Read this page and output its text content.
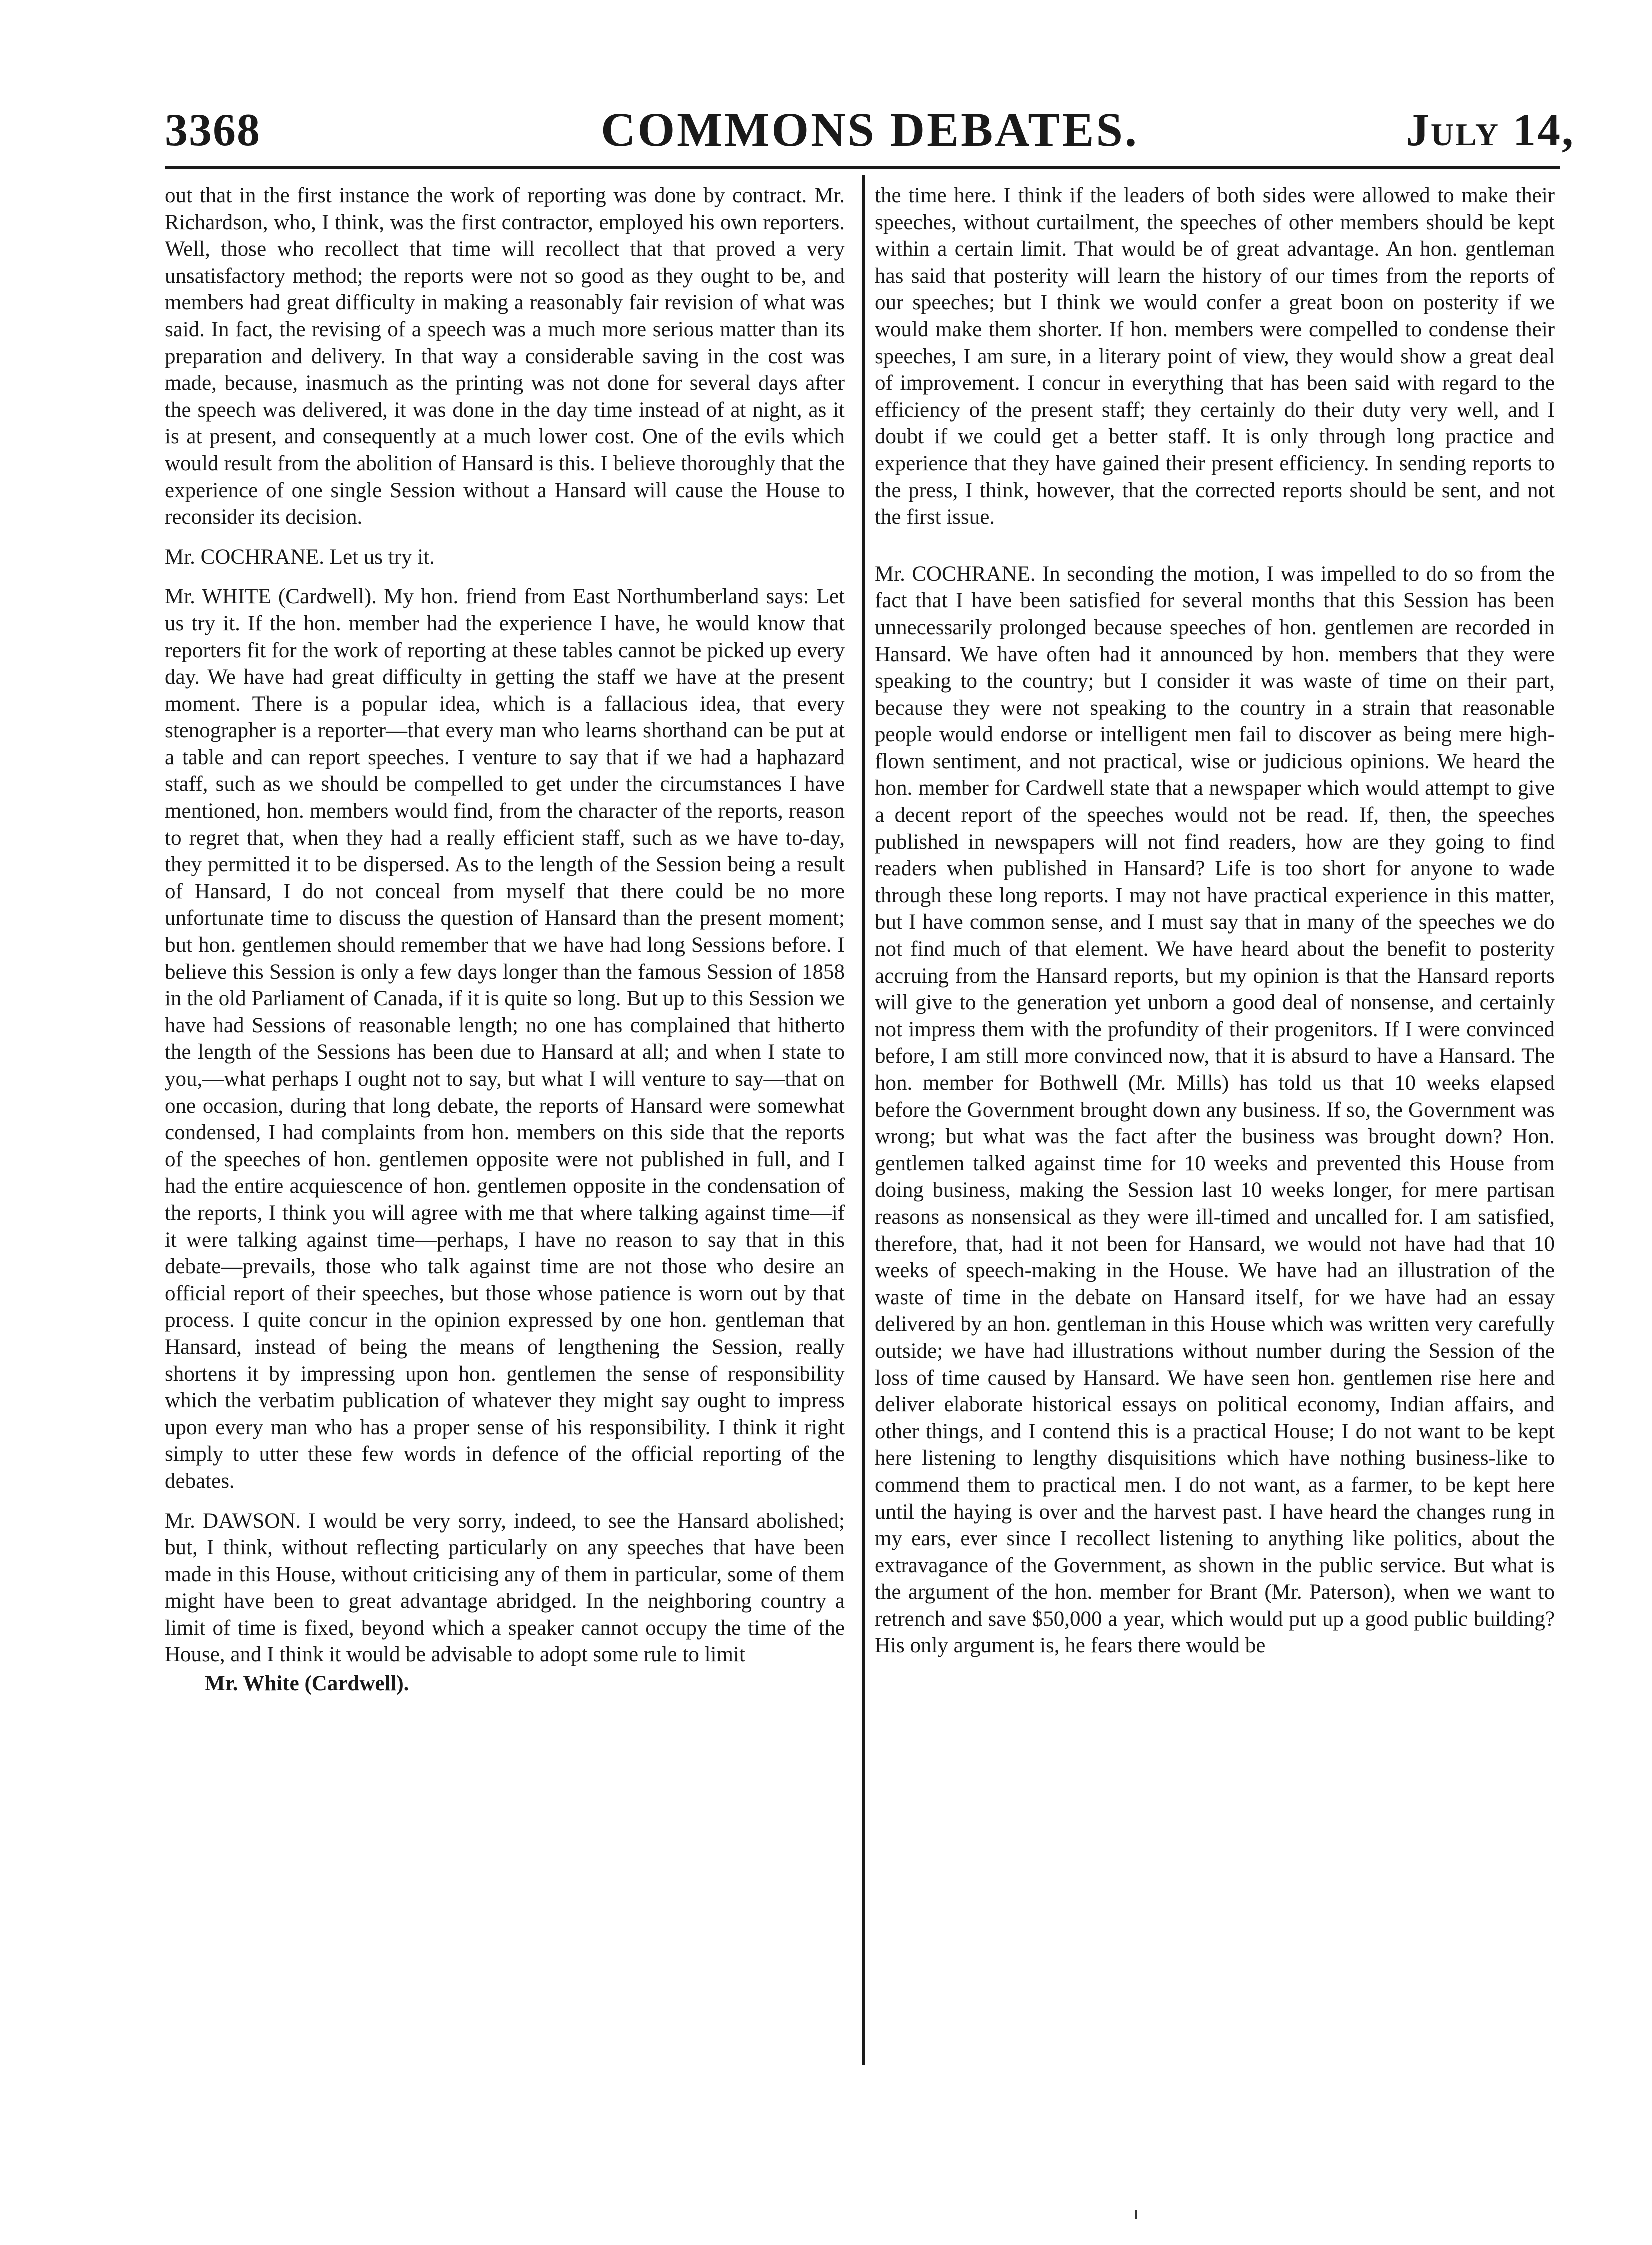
3368	COMMONS DEBATES.	July 14,

out that in the first instance the work of reporting was done by contract. Mr. Richardson, who, I think, was the first contractor, employed his own reporters. Well, those who recollect that time will recollect that that proved a very unsatisfactory method; the reports were not so good as they ought to be, and members had great difficulty in making a reasonably fair revision of what was said. In fact, the revising of a speech was a much more serious matter than its preparation and delivery. In that way a considerable saving in the cost was made, because, inasmuch as the printing was not done for several days after the speech was delivered, it was done in the day time instead of at night, as it is at present, and consequently at a much lower cost. One of the evils which would result from the abolition of Hansard is this. I believe thoroughly that the experience of one single Session without a Hansard will cause the House to reconsider its decision.

Mr. COCHRANE. Let us try it.

Mr. WHITE (Cardwell). My hon. friend from East Northumberland says: Let us try it. If the hon. member had the experience I have, he would know that reporters fit for the work of reporting at these tables cannot be picked up every day. We have had great difficulty in getting the staff we have at the present moment. There is a popular idea, which is a fallacious idea, that every stenographer is a reporter—that every man who learns shorthand can be put at a table and can report speeches. I venture to say that if we had a haphazard staff, such as we should be compelled to get under the circumstances I have mentioned, hon. members would find, from the character of the reports, reason to regret that, when they had a really efficient staff, such as we have to-day, they permitted it to be dispersed. As to the length of the Session being a result of Hansard, I do not conceal from myself that there could be no more unfortunate time to discuss the question of Hansard than the present moment; but hon. gentlemen should remember that we have had long Sessions before. I believe this Session is only a few days longer than the famous Session of 1858 in the old Parliament of Canada, if it is quite so long. But up to this Session we have had Sessions of reasonable length; no one has complained that hitherto the length of the Sessions has been due to Hansard at all; and when I state to you,—what perhaps I ought not to say, but what I will venture to say—that on one occasion, during that long debate, the reports of Hansard were somewhat condensed, I had complaints from hon. members on this side that the reports of the speeches of hon. gentlemen opposite were not published in full, and I had the entire acquiescence of hon. gentlemen opposite in the condensation of the reports, I think you will agree with me that where talking against time—if it were talking against time—perhaps, I have no reason to say that in this debate—prevails, those who talk against time are not those who desire an official report of their speeches, but those whose patience is worn out by that process. I quite concur in the opinion expressed by one hon. gentleman that Hansard, instead of being the means of lengthening the Session, really shortens it by impressing upon hon. gentlemen the sense of responsibility which the verbatim publication of whatever they might say ought to impress upon every man who has a proper sense of his responsibility. I think it right simply to utter these few words in defence of the official reporting of the debates.

Mr. DAWSON. I would be very sorry, indeed, to see the Hansard abolished; but, I think, without reflecting particularly on any speeches that have been made in this House, without criticising any of them in particular, some of them might have been to great advantage abridged. In the neighboring country a limit of time is fixed, beyond which a speaker cannot occupy the time of the House, and I think it would be advisable to adopt some rule to limit

Mr. White (Cardwell).

the time here. I think if the leaders of both sides were allowed to make their speeches, without curtailment, the speeches of other members should be kept within a certain limit. That would be of great advantage. An hon. gentleman has said that posterity will learn the history of our times from the reports of our speeches; but I think we would confer a great boon on posterity if we would make them shorter. If hon. members were compelled to condense their speeches, I am sure, in a literary point of view, they would show a great deal of improvement. I concur in everything that has been said with regard to the efficiency of the present staff; they certainly do their duty very well, and I doubt if we could get a better staff. It is only through long practice and experience that they have gained their present efficiency. In sending reports to the press, I think, however, that the corrected reports should be sent, and not the first issue.

Mr. COCHRANE. In seconding the motion, I was impelled to do so from the fact that I have been satisfied for several months that this Session has been unnecessarily prolonged because speeches of hon. gentlemen are recorded in Hansard. We have often had it announced by hon. members that they were speaking to the country; but I consider it was waste of time on their part, because they were not speaking to the country in a strain that reasonable people would endorse or intelligent men fail to discover as being mere high-flown sentiment, and not practical, wise or judicious opinions. We heard the hon. member for Cardwell state that a newspaper which would attempt to give a decent report of the speeches would not be read. If, then, the speeches published in newspapers will not find readers, how are they going to find readers when published in Hansard? Life is too short for anyone to wade through these long reports. I may not have practical experience in this matter, but I have common sense, and I must say that in many of the speeches we do not find much of that element. We have heard about the benefit to posterity accruing from the Hansard reports, but my opinion is that the Hansard reports will give to the generation yet unborn a good deal of nonsense, and certainly not impress them with the profundity of their progenitors. If I were convinced before, I am still more convinced now, that it is absurd to have a Hansard. The hon. member for Bothwell (Mr. Mills) has told us that 10 weeks elapsed before the Government brought down any business. If so, the Government was wrong; but what was the fact after the business was brought down? Hon. gentlemen talked against time for 10 weeks and prevented this House from doing business, making the Session last 10 weeks longer, for mere partisan reasons as nonsensical as they were ill-timed and uncalled for. I am satisfied, therefore, that, had it not been for Hansard, we would not have had that 10 weeks of speech-making in the House. We have had an illustration of the waste of time in the debate on Hansard itself, for we have had an essay delivered by an hon. gentleman in this House which was written very carefully outside; we have had illustrations without number during the Session of the loss of time caused by Hansard. We have seen hon. gentlemen rise here and deliver elaborate historical essays on political economy, Indian affairs, and other things, and I contend this is a practical House; I do not want to be kept here listening to lengthy disquisitions which have nothing business-like to commend them to practical men. I do not want, as a farmer, to be kept here until the haying is over and the harvest past. I have heard the changes rung in my ears, ever since I recollect listening to anything like politics, about the extravagance of the Government, as shown in the public service. But what is the argument of the hon. member for Brant (Mr. Paterson), when we want to retrench and save $50,000 a year, which would put up a good public building? His only argument is, he fears there would be
